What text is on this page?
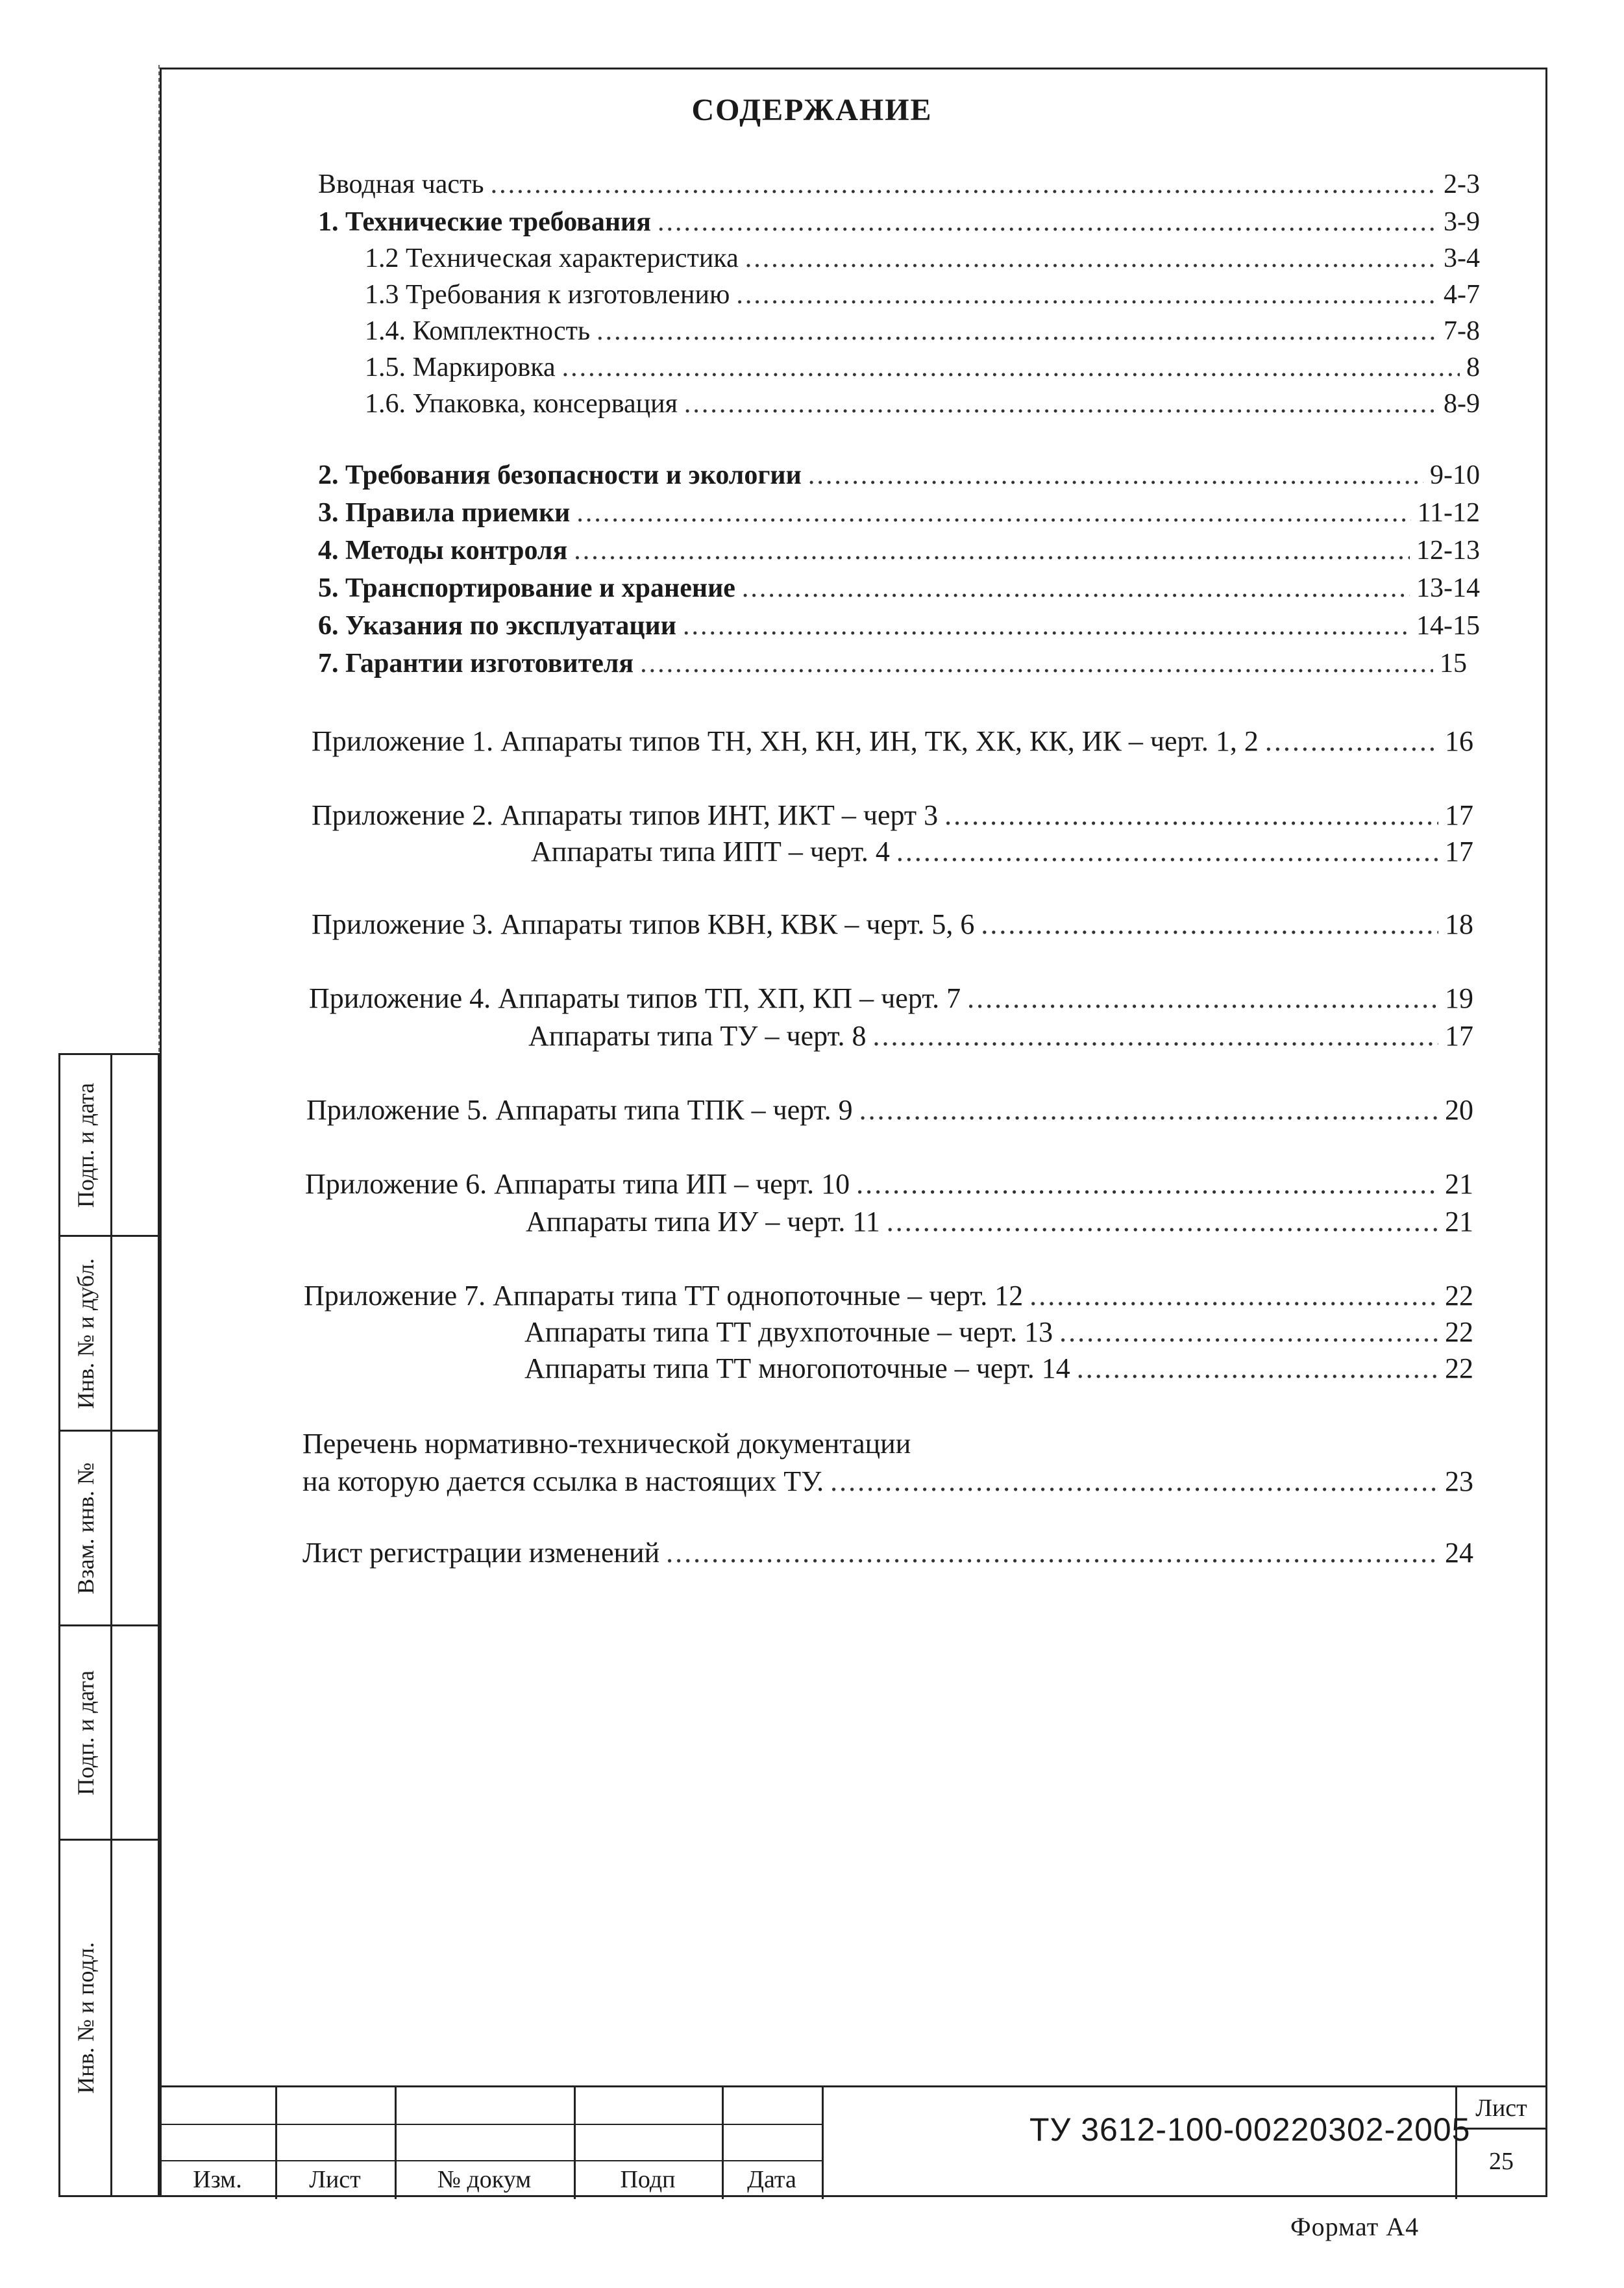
СОДЕРЖАНИЕ
Вводная часть .....	2-3
1. Технические требования .....	3-9
1.2 Техническая характеристика .....	3-4
1.3 Требования к изготовлению .....	4-7
1.4. Комплектность .....	7-8
1.5. Маркировка .....	8
1.6. Упаковка, консервация .....	8-9
2. Требования безопасности и экологии .....	9-10
3. Правила приемки .....	11-12
4. Методы контроля .....	12-13
5. Транспортирование и хранение .....	13-14
6. Указания по эксплуатации .....	14-15
7. Гарантии изготовителя .....	15
Приложение 1. Аппараты типов ТН, ХН, КН, ИН, ТК, ХК, КК, ИК – черт. 1, 2 .....	16
Приложение 2. Аппараты типов ИНТ, ИКТ – черт 3 .....	17
Аппараты типа ИПТ – черт. 4 .....	17
Приложение 3. Аппараты типов КВН, КВК – черт. 5, 6 .....	18
Приложение 4. Аппараты типов ТП, ХП, КП – черт. 7 .....	19
Аппараты типа ТУ – черт. 8 .....	17
Приложение 5. Аппараты типа ТПК – черт. 9 .....	20
Приложение 6. Аппараты типа ИП – черт. 10 .....	21
Аппараты типа ИУ – черт. 11 .....	21
Приложение 7. Аппараты типа ТТ однопоточные – черт. 12 .....	22
Аппараты типа ТТ двухпоточные – черт. 13 .....	22
Аппараты типа ТТ многопоточные – черт. 14 .....	22
Перечень нормативно-технической документации
на которую дается ссылка в настоящих ТУ. .....	23
Лист регистрации изменений .....	24
Подп. и дата
Инв. № и дубл.
Взам. инв. №
Подп. и дата
Инв. № и подл.
Изм.	Лист	№ докум	Подп	Дата
ТУ 3612-100-00220302-2005
Лист
25
Формат А4
